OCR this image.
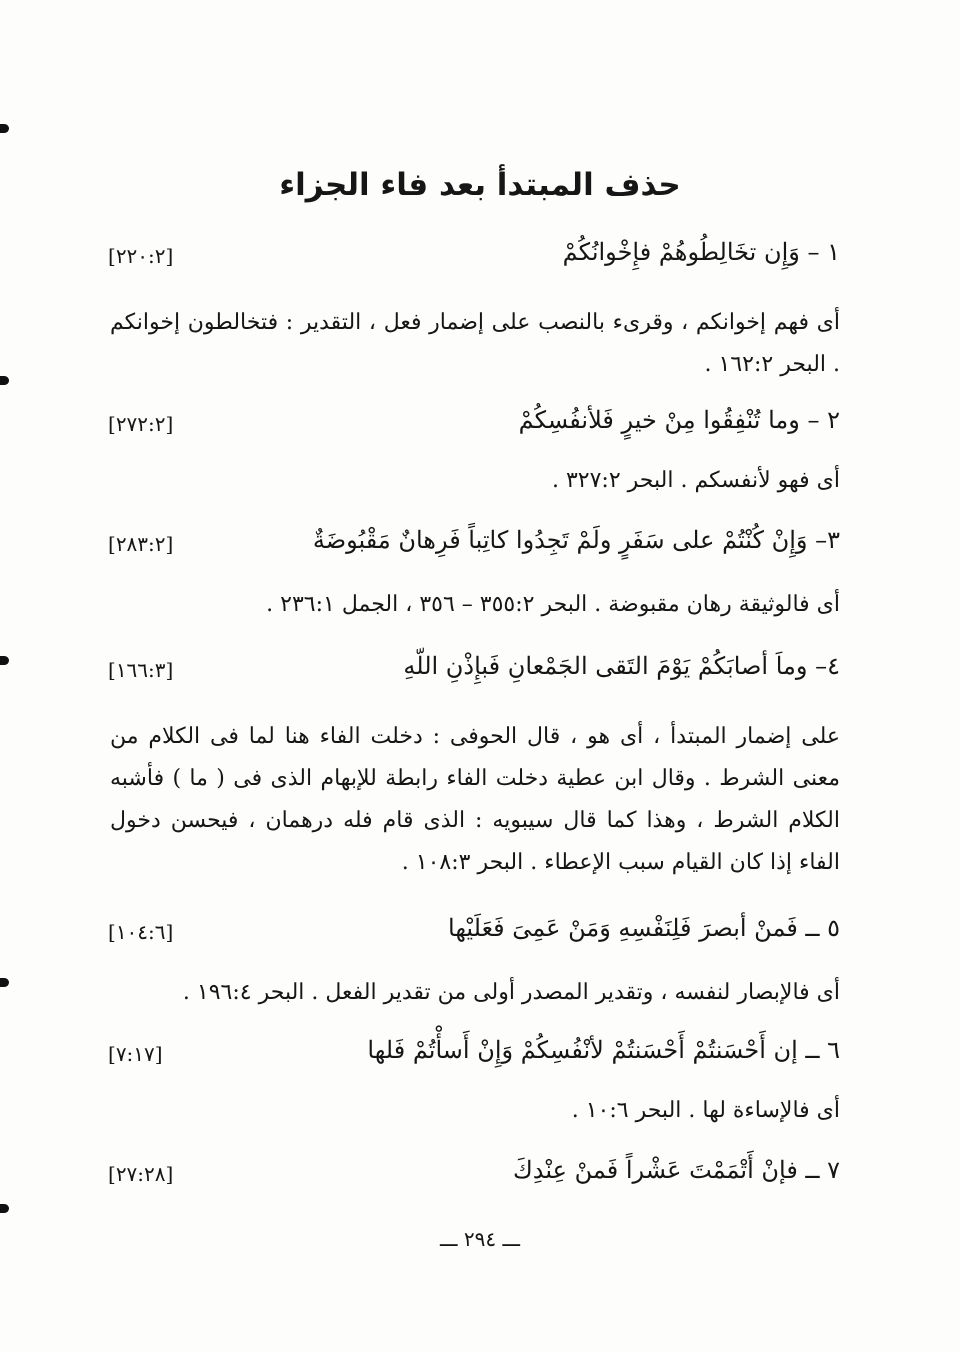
حذف المبتدأ بعد فاء الجزاء
١ – وَإِن تخَالِطُوهُمْ فإِخْوانُكُمْ
[٢٢٠:٢]

أى فهم إخوانكم ، وقرىء بالنصب على إضمار فعل ، التقدير : فتخالطون إخوانكم . البحر ١٦٢:٢ .

٢ – وما تُنْفِقُوا مِنْ خيرٍ فَلأنفُسِكُمْ
[٢٧٢:٢]

أى فهو لأنفسكم . البحر ٣٢٧:٢ .

٣– وَإِنْ كُنْتُمْ على سَفَرٍ ولَمْ تَجِدُوا كاتِباً فَرِهانٌ مَقْبُوضَةٌ
[٢٨٣:٢]

أى فالوثيقة رهان مقبوضة . البحر ٣٥٥:٢ – ٣٥٦ ، الجمل ٢٣٦:١ .

٤– وماَ أصابَكُمْ يَوْمَ التَقى الجَمْعانِ فَبإِذْنِ اللّهِ
[١٦٦:٣]

على إضمار المبتدأ ، أى هو ، قال الحوفى : دخلت الفاء هنا لما فى الكلام من معنى الشرط . وقال ابن عطية دخلت الفاء رابطة للإبهام الذى فى ( ما ) فأشبه الكلام الشرط ، وهذا كما قال سيبويه : الذى قام فله درهمان ، فيحسن دخول الفاء إذا كان القيام سبب الإعطاء . البحر ١٠٨:٣ .

٥ ــ فَمنْ أبصرَ فَلِنَفْسِهِ وَمَنْ عَمِىَ فَعَلَيْها
[١٠٤:٦]

أى فالإبصار لنفسه ، وتقدير المصدر أولى من تقدير الفعل . البحر ١٩٦:٤ .

٦ ــ إن أَحْسَنتُمْ أَحْسَنتُمْ لأنْفُسِكُمْ وَإِنْ أَسأْتُمْ فَلها
[٧:١٧]

أى فالإساءة لها . البحر ١٠:٦ .

٧ ــ فإنْ أَتْمَمْتَ عَشْراً فَمنْ عِنْدِكَ
[٢٧:٢٨]
ـــ ٢٩٤ ـــ
